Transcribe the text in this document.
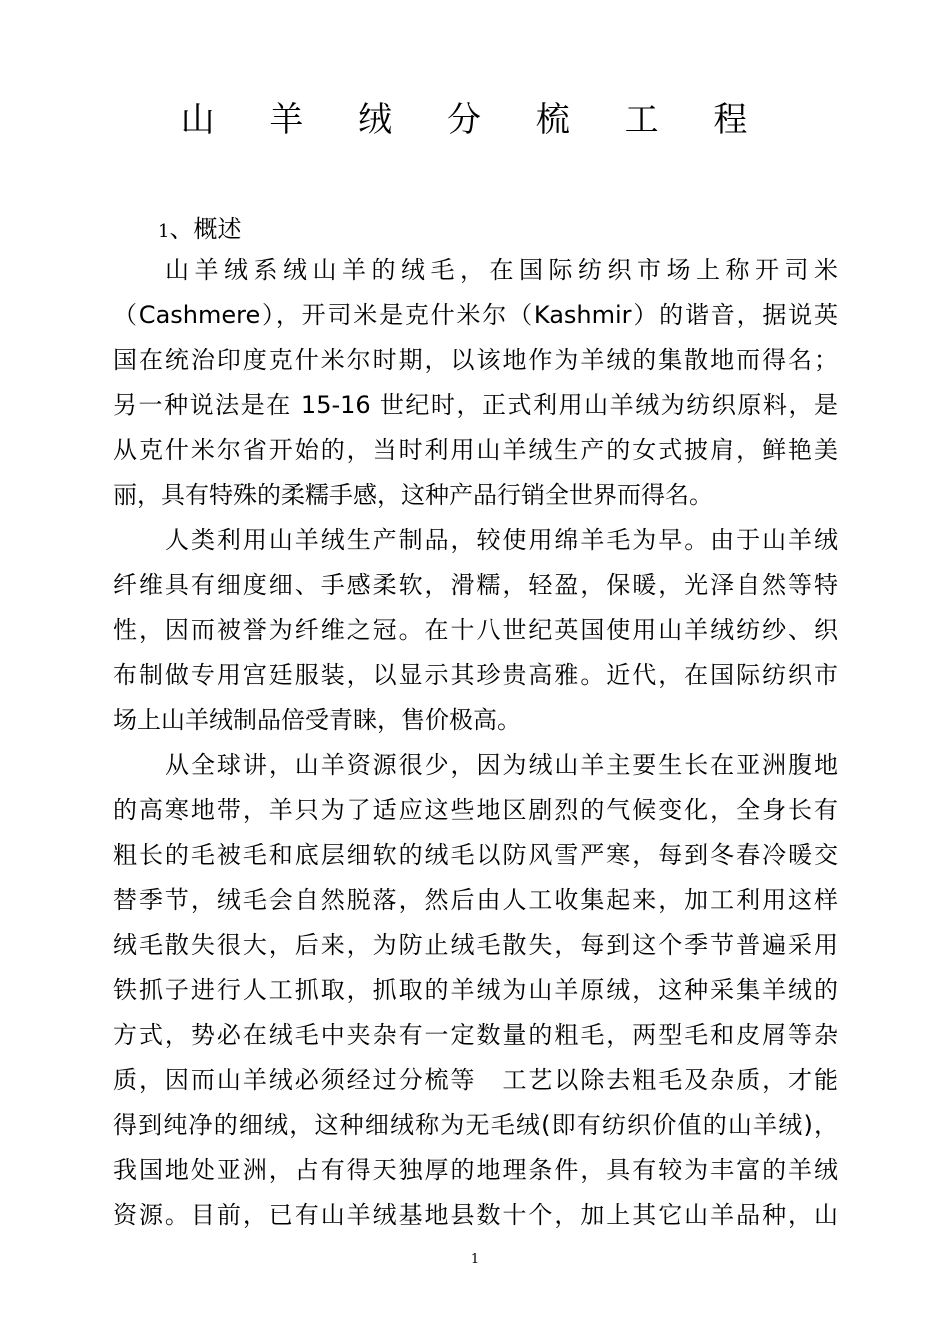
山 羊 绒 分 梳 工 程
1、概述
山羊绒系绒山羊的绒毛，在国际纺织市场上称开司米
（Cashmere），开司米是克什米尔（Kashmir）的谐音，据说英
国在统治印度克什米尔时期，以该地作为羊绒的集散地而得名；
另一种说法是在 15-16 世纪时，正式利用山羊绒为纺织原料，是
从克什米尔省开始的，当时利用山羊绒生产的女式披肩，鲜艳美
丽，具有特殊的柔糯手感，这种产品行销全世界而得名。
人类利用山羊绒生产制品，较使用绵羊毛为早。由于山羊绒
纤维具有细度细、手感柔软，滑糯，轻盈，保暖，光泽自然等特
性，因而被誉为纤维之冠。在十八世纪英国使用山羊绒纺纱、织
布制做专用宫廷服装，以显示其珍贵高雅。近代，在国际纺织市
场上山羊绒制品倍受青睐，售价极高。
从全球讲，山羊资源很少，因为绒山羊主要生长在亚洲腹地
的高寒地带，羊只为了适应这些地区剧烈的气候变化，全身长有
粗长的毛被毛和底层细软的绒毛以防风雪严寒，每到冬春冷暖交
替季节，绒毛会自然脱落，然后由人工收集起来，加工利用这样
绒毛散失很大，后来，为防止绒毛散失，每到这个季节普遍采用
铁抓子进行人工抓取，抓取的羊绒为山羊原绒，这种采集羊绒的
方式，势必在绒毛中夹杂有一定数量的粗毛，两型毛和皮屑等杂
质，因而山羊绒必须经过分梳等　工艺以除去粗毛及杂质，才能
得到纯净的细绒，这种细绒称为无毛绒(即有纺织价值的山羊绒)，
我国地处亚洲，占有得天独厚的地理条件，具有较为丰富的羊绒
资源。目前，已有山羊绒基地县数十个，加上其它山羊品种，山
1
